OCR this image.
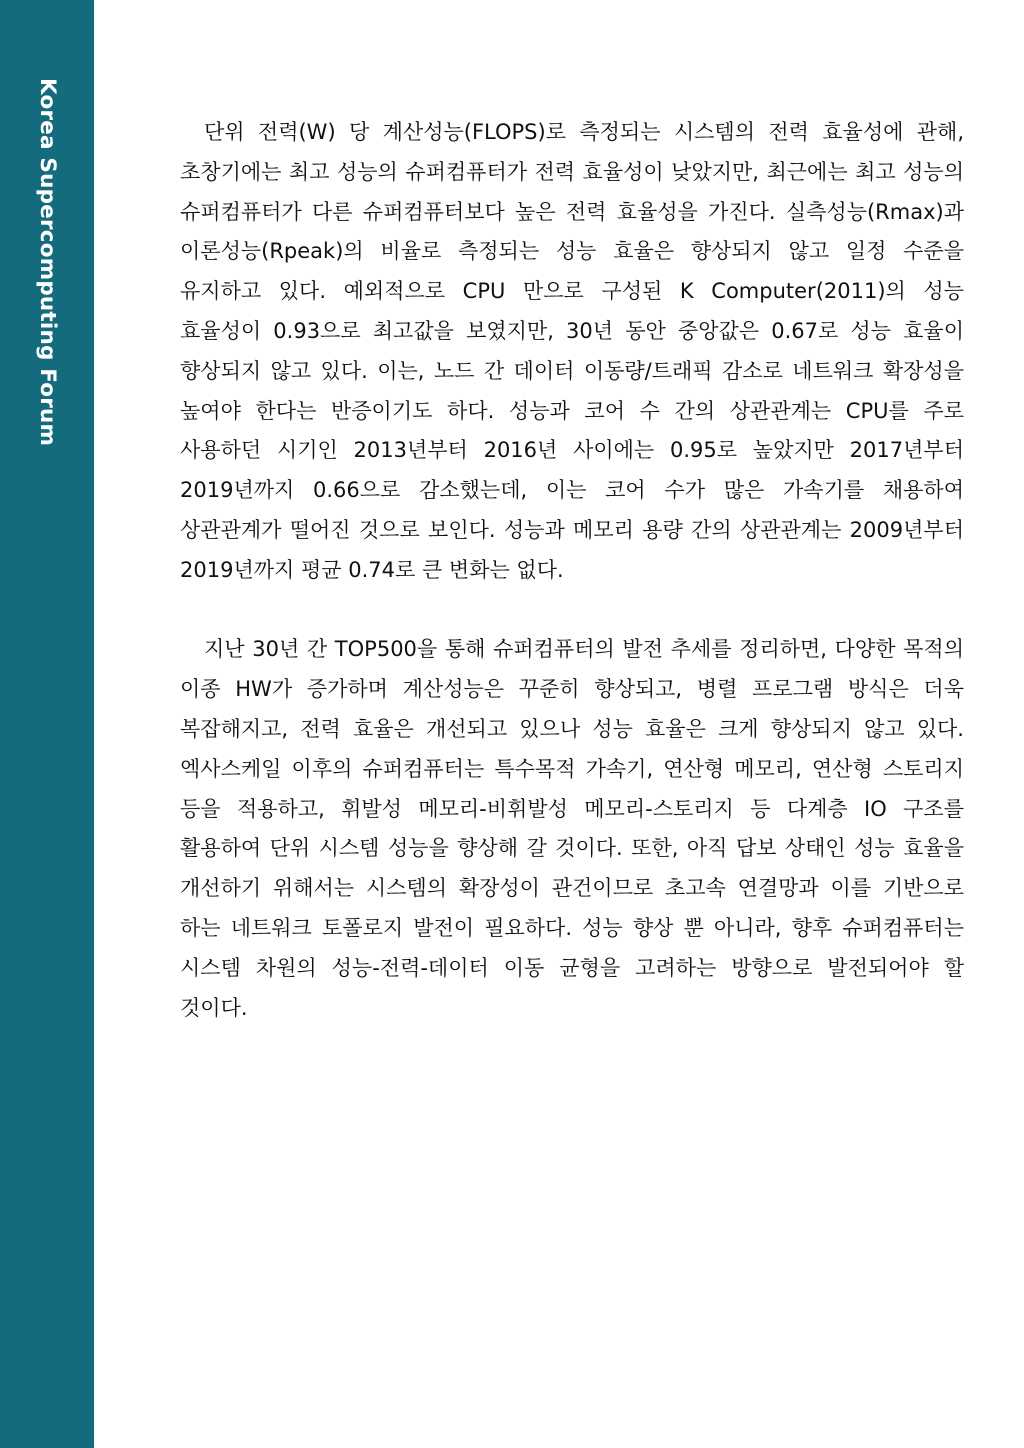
Korea Supercomputing Forum	단위 전력(W) 당 계산성능(FLOPS)로 측정되는 시스템의 전력 효율성에 관해, 초창기에는 최고 성능의 슈퍼컴퓨터가 전력 효율성이 낮았지만, 최근에는 최고 성능의 슈퍼컴퓨터가 다른 슈퍼컴퓨터보다 높은 전력 효율성을 가진다. 실측성능(Rmax)과 이론성능(Rpeak)의 비율로 측정되는 성능 효율은 향상되지 않고 일정 수준을 유지하고 있다. 예외적으로 CPU 만으로 구성된 K Computer(2011)의 성능 효율성이 0.93으로 최고값을 보였지만, 30년 동안 중앙값은 0.67로 성능 효율이 향상되지 않고 있다. 이는, 노드 간 데이터 이동량/트래픽 감소로 네트워크 확장성을 높여야 한다는 반증이기도 하다. 성능과 코어 수 간의 상관관계는 CPU를 주로 사용하던 시기인 2013년부터 2016년 사이에는 0.95로 높았지만 2017년부터 2019년까지 0.66으로 감소했는데, 이는 코어 수가 많은 가속기를 채용하여 상관관계가 떨어진 것으로 보인다. 성능과 메모리 용량 간의 상관관계는 2009년부터 2019년까지 평균 0.74로 큰 변화는 없다.

지난 30년 간 TOP500을 통해 슈퍼컴퓨터의 발전 추세를 정리하면, 다양한 목적의 이종 HW가 증가하며 계산성능은 꾸준히 향상되고, 병렬 프로그램 방식은 더욱 복잡해지고, 전력 효율은 개선되고 있으나 성능 효율은 크게 향상되지 않고 있다. 엑사스케일 이후의 슈퍼컴퓨터는 특수목적 가속기, 연산형 메모리, 연산형 스토리지 등을 적용하고, 휘발성 메모리-비휘발성 메모리-스토리지 등 다계층 IO 구조를 활용하여 단위 시스템 성능을 향상해 갈 것이다. 또한, 아직 답보 상태인 성능 효율을 개선하기 위해서는 시스템의 확장성이 관건이므로 초고속 연결망과 이를 기반으로 하는 네트워크 토폴로지 발전이 필요하다. 성능 향상 뿐 아니라, 향후 슈퍼컴퓨터는 시스템 차원의 성능-전력-데이터 이동 균형을 고려하는 방향으로 발전되어야 할 것이다.
